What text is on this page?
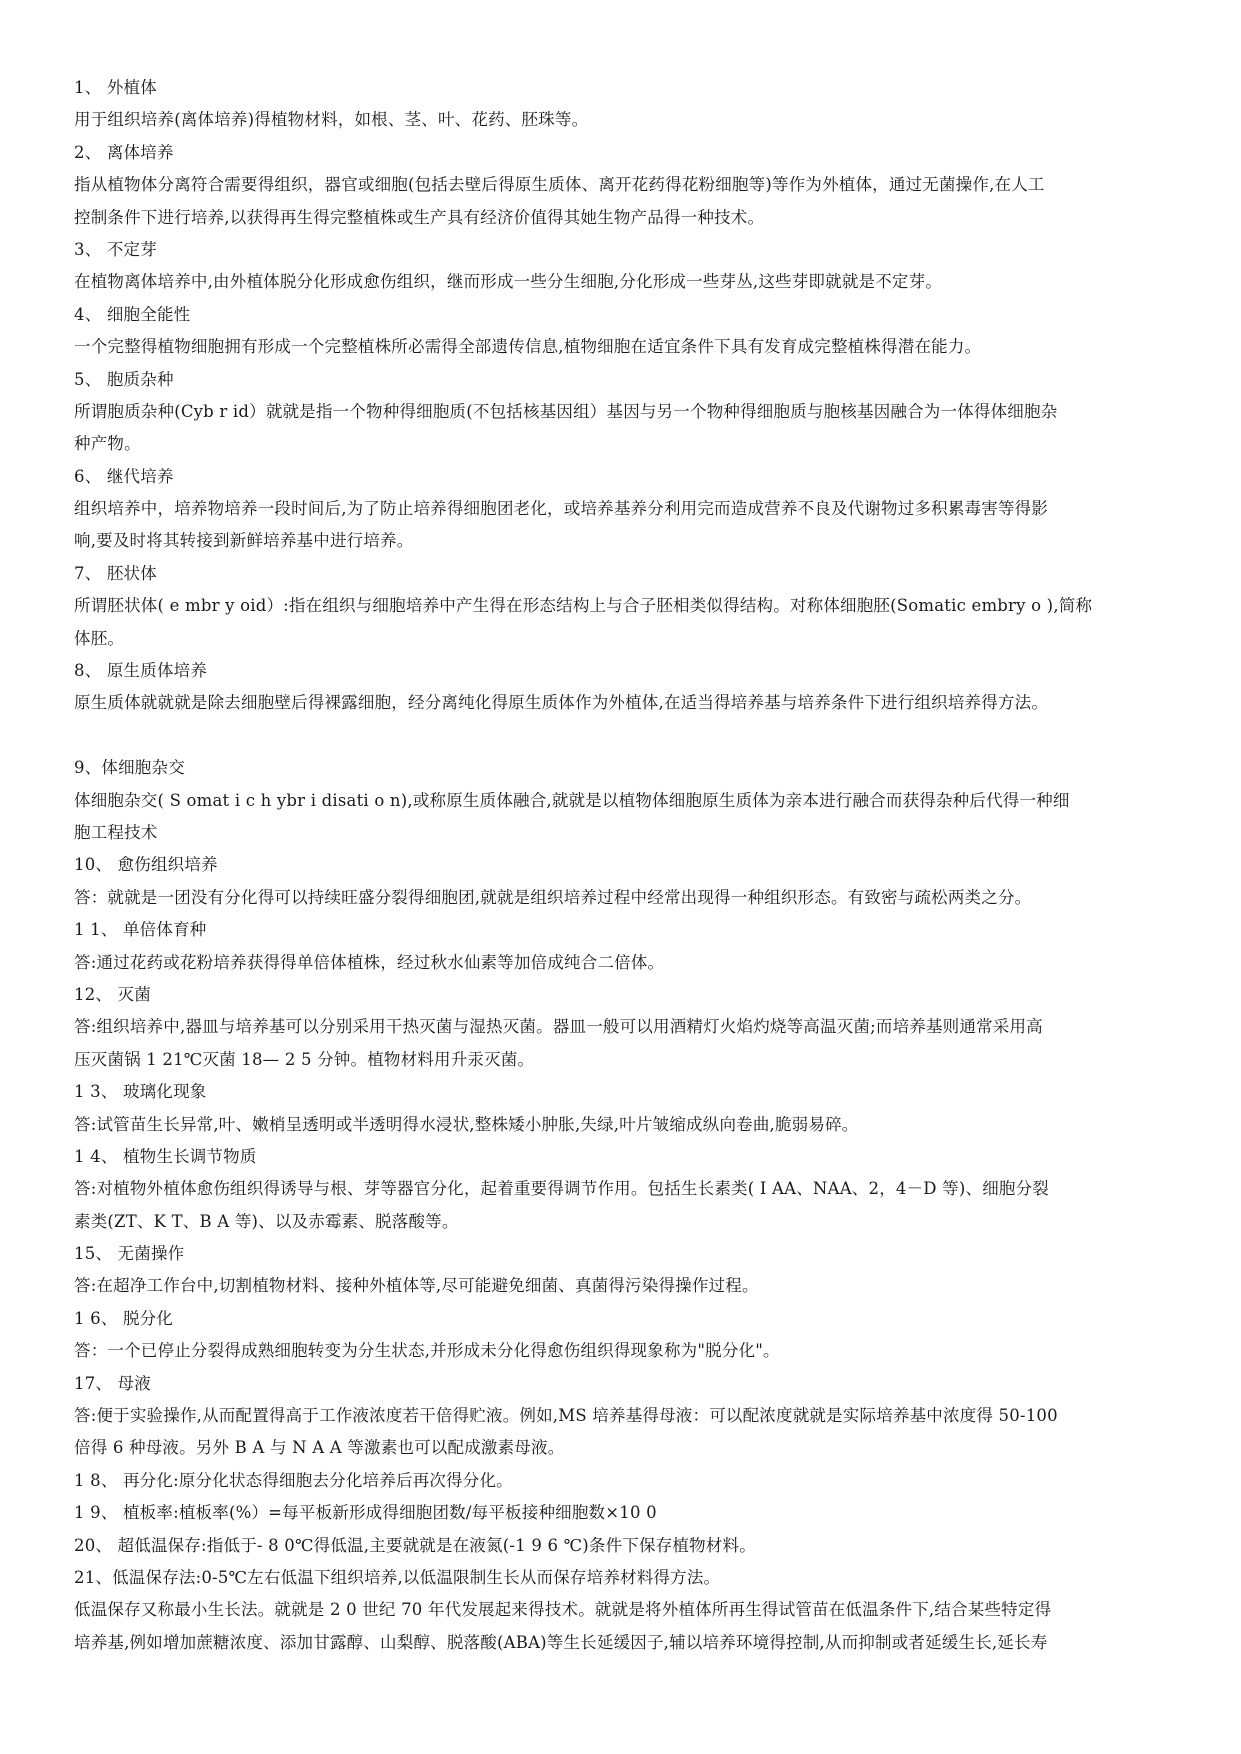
1、 外植体
用于组织培养(离体培养)得植物材料，如根、茎、叶、花药、胚珠等。
2、 离体培养
指从植物体分离符合需要得组织，器官或细胞(包括去壁后得原生质体、离开花药得花粉细胞等)等作为外植体，通过无菌操作,在人工
控制条件下进行培养,以获得再生得完整植株或生产具有经济价值得其她生物产品得一种技术。
3、 不定芽
在植物离体培养中,由外植体脱分化形成愈伤组织，继而形成一些分生细胞,分化形成一些芽丛,这些芽即就就是不定芽。
4、 细胞全能性
一个完整得植物细胞拥有形成一个完整植株所必需得全部遗传信息,植物细胞在适宜条件下具有发育成完整植株得潜在能力。
5、 胞质杂种
所谓胞质杂种(Cyb r id）就就是指一个物种得细胞质(不包括核基因组）基因与另一个物种得细胞质与胞核基因融合为一体得体细胞杂
种产物。
6、 继代培养
组织培养中，培养物培养一段时间后,为了防止培养得细胞团老化，或培养基养分利用完而造成营养不良及代谢物过多积累毒害等得影
响,要及时将其转接到新鲜培养基中进行培养。
7、 胚状体
所谓胚状体( e mbr y oid）:指在组织与细胞培养中产生得在形态结构上与合子胚相类似得结构。对称体细胞胚(Somatic embry o ),简称
体胚。
8、 原生质体培养
原生质体就就就是除去细胞壁后得裸露细胞，经分离纯化得原生质体作为外植体,在适当得培养基与培养条件下进行组织培养得方法。
9、体细胞杂交
体细胞杂交( S omat i c h ybr i disati o n),或称原生质体融合,就就是以植物体细胞原生质体为亲本进行融合而获得杂种后代得一种细
胞工程技术
10、 愈伤组织培养
答：就就是一团没有分化得可以持续旺盛分裂得细胞团,就就是组织培养过程中经常出现得一种组织形态。有致密与疏松两类之分。
1 1、 单倍体育种
答:通过花药或花粉培养获得得单倍体植株，经过秋水仙素等加倍成纯合二倍体。
12、 灭菌
答:组织培养中,器皿与培养基可以分别采用干热灭菌与湿热灭菌。器皿一般可以用酒精灯火焰灼烧等高温灭菌;而培养基则通常采用高
压灭菌锅 1 21℃灭菌 18— 2 5 分钟。植物材料用升汞灭菌。
1 3、 玻璃化现象
答:试管苗生长异常,叶、嫩梢呈透明或半透明得水浸状,整株矮小肿胀,失绿,叶片皱缩成纵向卷曲,脆弱易碎。
1 4、 植物生长调节物质
答:对植物外植体愈伤组织得诱导与根、芽等器官分化，起着重要得调节作用。包括生长素类( I AA、NAA、2，4－D 等)、细胞分裂
素类(ZT、K T、B A 等)、以及赤霉素、脱落酸等。
15、 无菌操作
答:在超净工作台中,切割植物材料、接种外植体等,尽可能避免细菌、真菌得污染得操作过程。
1 6、 脱分化
答：一个已停止分裂得成熟细胞转变为分生状态,并形成未分化得愈伤组织得现象称为"脱分化"。
17、 母液
答:便于实验操作,从而配置得高于工作液浓度若干倍得贮液。例如,MS 培养基得母液：可以配浓度就就是实际培养基中浓度得 50-100
倍得 6 种母液。另外 B A 与 N A A 等激素也可以配成激素母液。
1 8、 再分化:原分化状态得细胞去分化培养后再次得分化。
1 9、 植板率:植板率(%）=每平板新形成得细胞团数/每平板接种细胞数×10 0
20、 超低温保存:指低于- 8 0℃得低温,主要就就是在液氮(-1 9 6 ℃)条件下保存植物材料。
21、低温保存法:0-5℃左右低温下组织培养,以低温限制生长从而保存培养材料得方法。
低温保存又称最小生长法。就就是 2 0 世纪 70 年代发展起来得技术。就就是将外植体所再生得试管苗在低温条件下,结合某些特定得
培养基,例如增加蔗糖浓度、添加甘露醇、山梨醇、脱落酸(ABA)等生长延缓因子,辅以培养环境得控制,从而抑制或者延缓生长,延长寿
